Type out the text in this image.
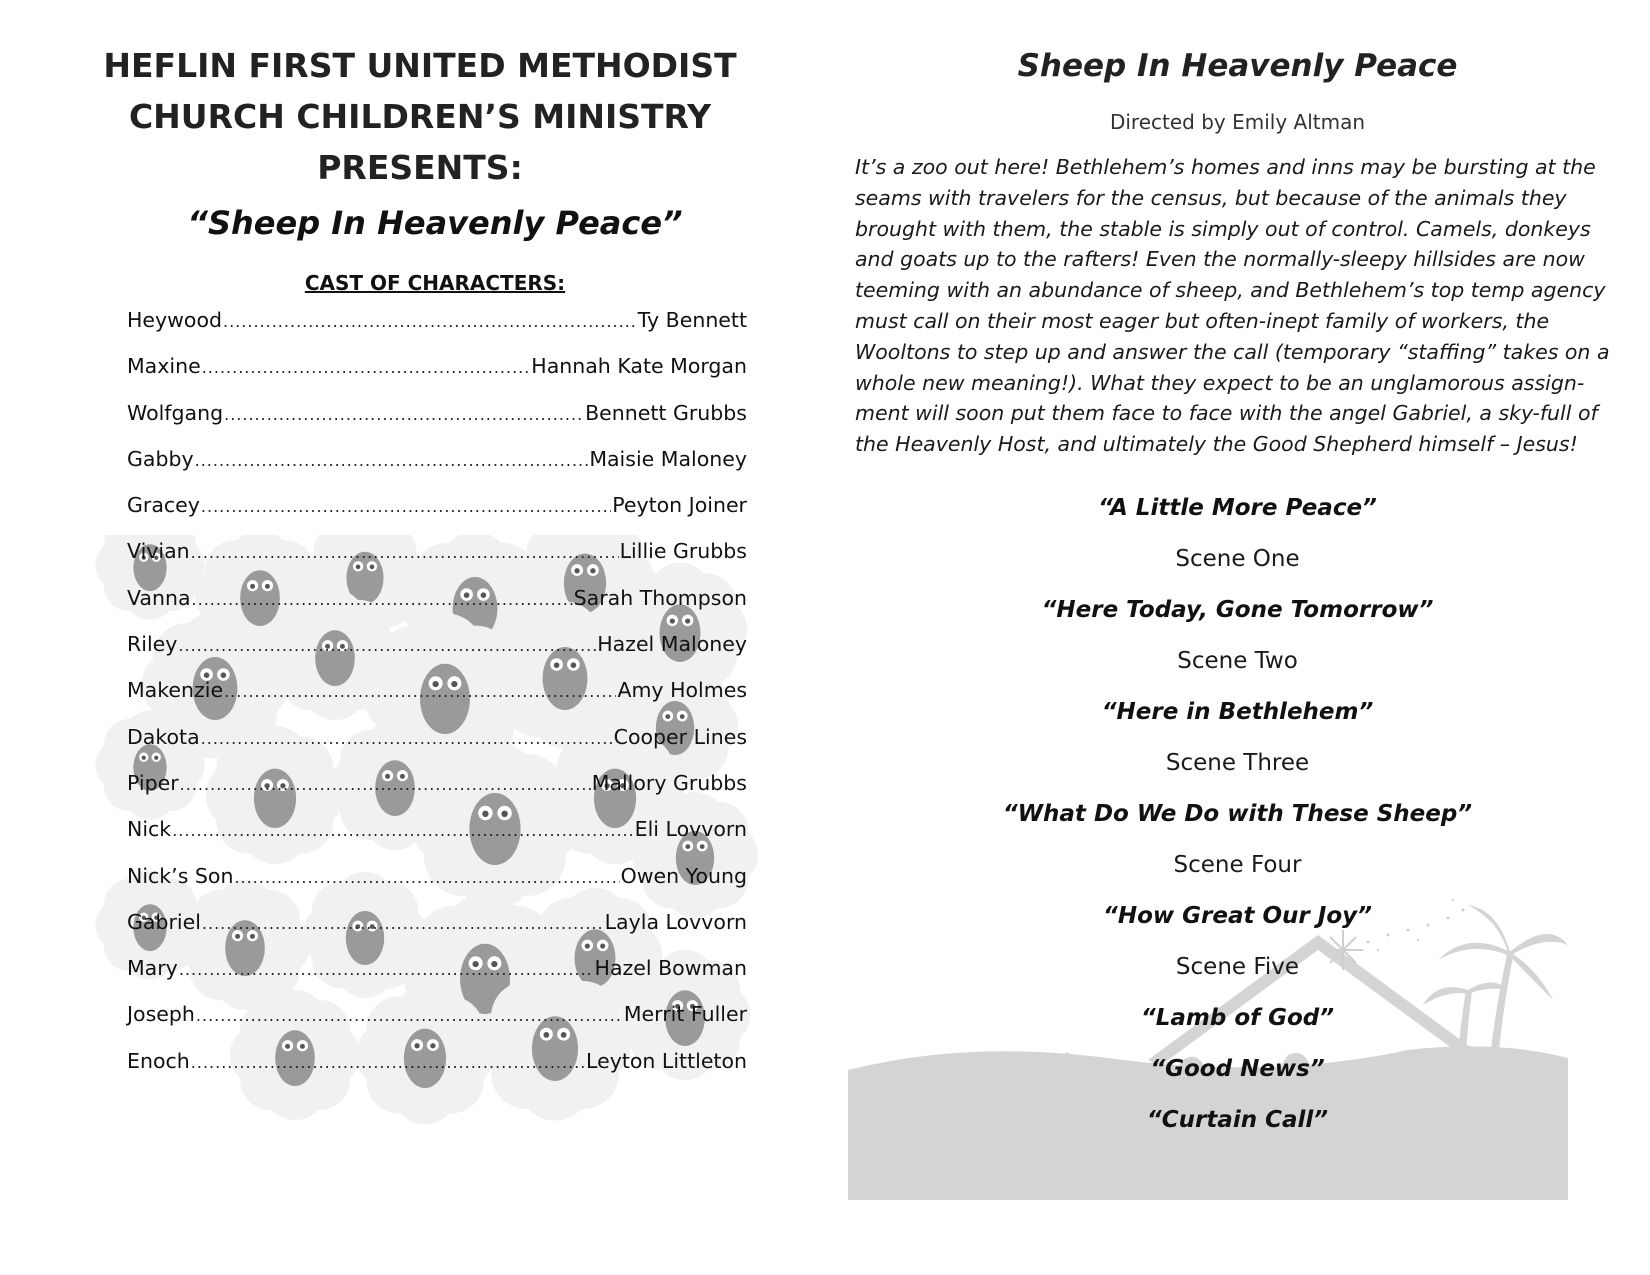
HEFLIN FIRST UNITED METHODIST
CHURCH CHILDREN’S MINISTRY
PRESENTS:
“Sheep In Heavenly Peace”
CAST OF CHARACTERS:
Heywood .....	Ty Bennett
Maxine .....	Hannah Kate Morgan
Wolfgang .....	Bennett Grubbs
Gabby .....	Maisie Maloney
Gracey .....	Peyton Joiner
Vivian .....	Lillie Grubbs
Vanna .....	Sarah Thompson
Riley .....	Hazel Maloney
Makenzie .....	Amy Holmes
Dakota .....	Cooper Lines
Piper .....	Mallory Grubbs
Nick .....	Eli Lovvorn
Nick’s Son .....	Owen Young
Gabriel .....	Layla Lovvorn
Mary .....	Hazel Bowman
Joseph .....	Merrit Fuller
Enoch .....	Leyton Littleton
Sheep In Heavenly Peace
Directed by Emily Altman
It’s a zoo out here! Bethlehem’s homes and inns may be bursting at the seams with travelers for the census, but because of the animals they brought with them, the stable is simply out of control. Camels, donkeys and goats up to the rafters! Even the normally-sleepy hillsides are now teeming with an abundance of sheep, and Bethlehem’s top temp agency must call on their most eager but often-inept family of workers, the Wooltons to step up and answer the call (temporary “staffing” takes on a whole new meaning!). What they expect to be an unglamorous assign-ment will soon put them face to face with the angel Gabriel, a sky-full of the Heavenly Host, and ultimately the Good Shepherd himself – Jesus!
“A Little More Peace”
Scene One
“Here Today, Gone Tomorrow”
Scene Two
“Here in Bethlehem”
Scene Three
“What Do We Do with These Sheep”
Scene Four
“How Great Our Joy”
Scene Five
“Lamb of God”
“Good News”
“Curtain Call”
